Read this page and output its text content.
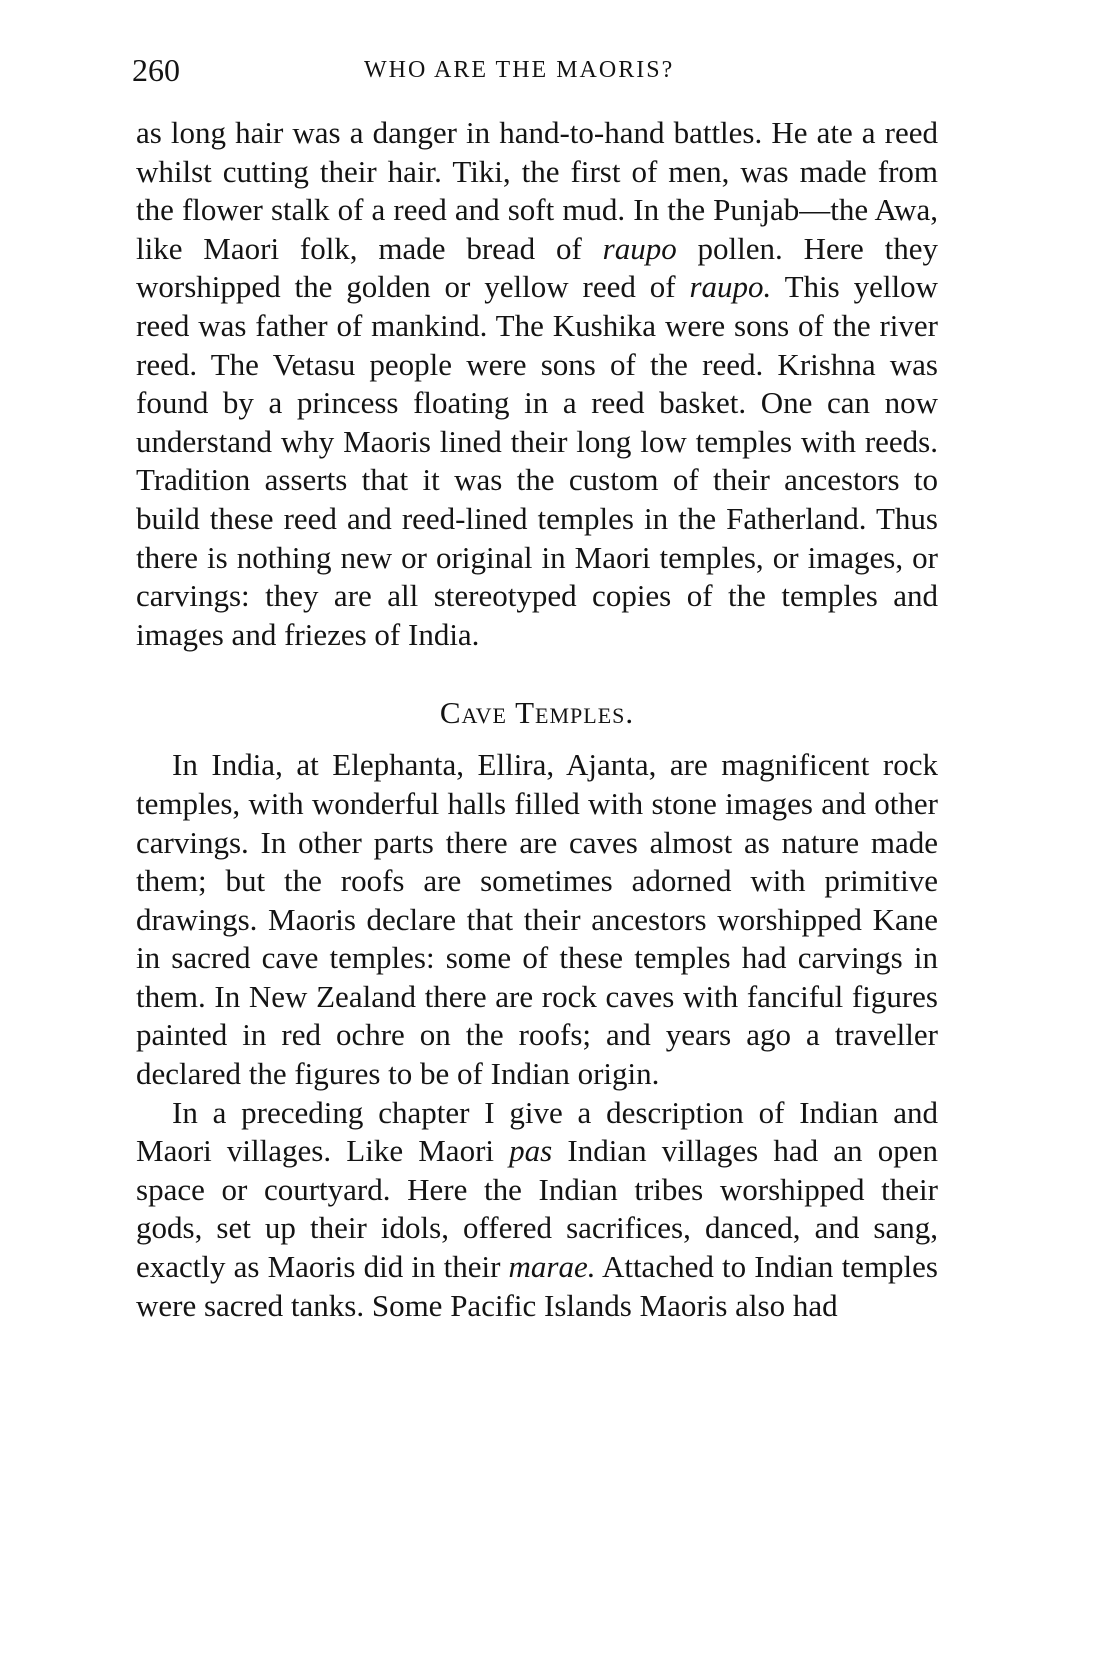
260	WHO ARE THE MAORIS?

as long hair was a danger in hand-to-hand battles. He ate a reed whilst cutting their hair. Tiki, the first of men, was made from the flower stalk of a reed and soft mud. In the Punjab—the Awa, like Maori folk, made bread of raupo pollen. Here they worshipped the golden or yellow reed of raupo. This yellow reed was father of mankind. The Kushika were sons of the river reed. The Vetasu people were sons of the reed. Krishna was found by a princess floating in a reed basket. One can now understand why Maoris lined their long low temples with reeds. Tradition asserts that it was the custom of their ancestors to build these reed and reed-lined temples in the Fatherland. Thus there is nothing new or original in Maori temples, or images, or carvings: they are all stereotyped copies of the temples and images and friezes of India.

Cave Temples.

In India, at Elephanta, Ellira, Ajanta, are magnificent rock temples, with wonderful halls filled with stone images and other carvings. In other parts there are caves almost as nature made them; but the roofs are sometimes adorned with primitive drawings. Maoris declare that their ancestors worshipped Kane in sacred cave temples: some of these temples had carvings in them. In New Zealand there are rock caves with fanciful figures painted in red ochre on the roofs; and years ago a traveller declared the figures to be of Indian origin.

In a preceding chapter I give a description of Indian and Maori villages. Like Maori pas Indian villages had an open space or courtyard. Here the Indian tribes worshipped their gods, set up their idols, offered sacrifices, danced, and sang, exactly as Maoris did in their marae. Attached to Indian temples were sacred tanks. Some Pacific Islands Maoris also had
